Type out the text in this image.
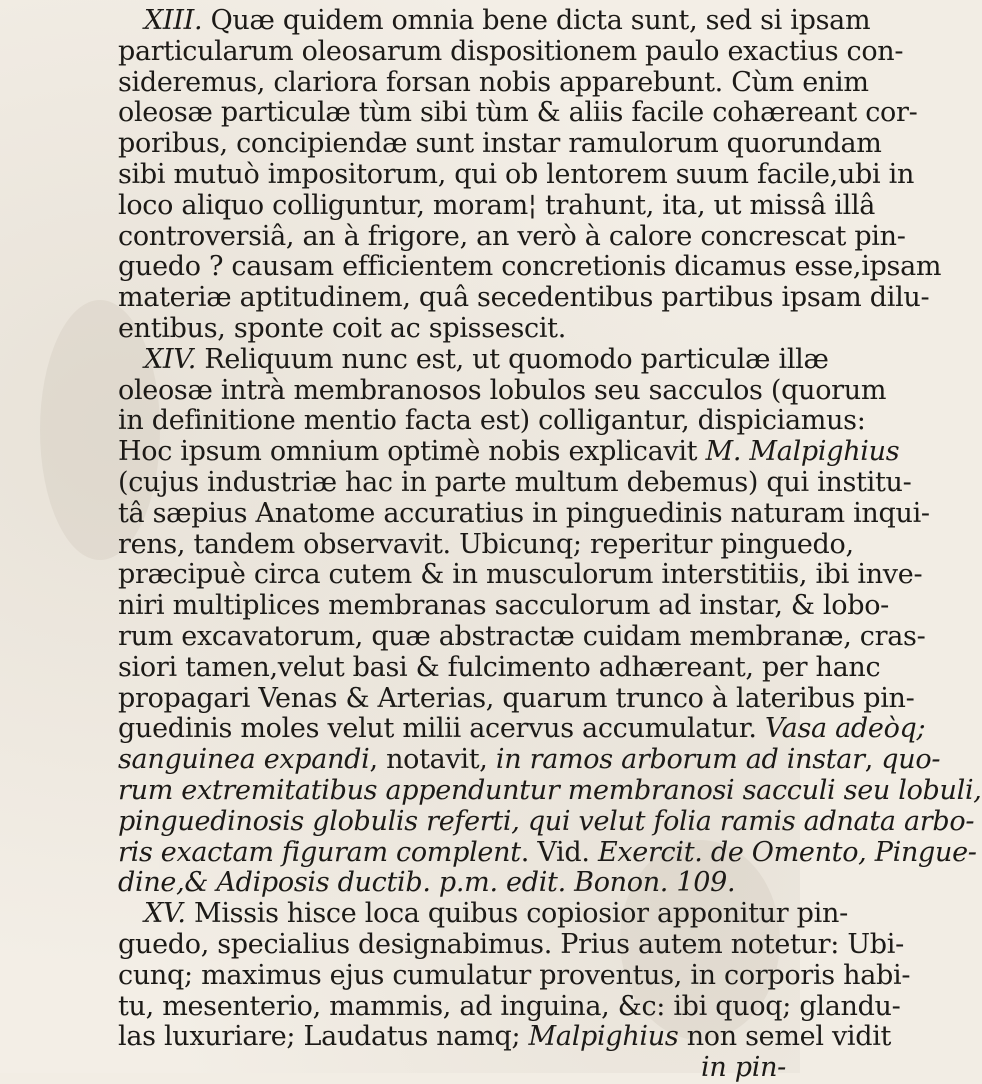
XIII. Quæ quidem omnia bene dicta sunt, sed si ipsam
particularum oleosarum dispositionem paulo exactius con-
sideremus, clariora forsan nobis apparebunt. Cùm enim
oleosæ particulæ tùm sibi tùm & aliis facile cohæreant cor-
poribus, concipiendæ sunt instar ramulorum quorundam
sibi mutuò impositorum, qui ob lentorem suum facile,ubi in
loco aliquo colliguntur, moram¦ trahunt, ita, ut missâ illâ
controversiâ, an à frigore, an verò à calore concrescat pin-
guedo ? causam efficientem concretionis dicamus esse,ipsam
materiæ aptitudinem, quâ secedentibus partibus ipsam dilu-
entibus, sponte coit ac spissescit.
XIV. Reliquum nunc est, ut quomodo particulæ illæ
oleosæ intrà membranosos lobulos seu sacculos (quorum
in definitione mentio facta est) colligantur, dispiciamus:
Hoc ipsum omnium optimè nobis explicavit M. Malpighius
(cujus industriæ hac in parte multum debemus) qui institu-
tâ sæpius Anatome accuratius in pinguedinis naturam inqui-
rens, tandem observavit. Ubicunq; reperitur pinguedo,
præcipuè circa cutem & in musculorum interstitiis, ibi inve-
niri multiplices membranas sacculorum ad instar, & lobo-
rum excavatorum, quæ abstractæ cuidam membranæ, cras-
siori tamen,velut basi & fulcimento adhæreant, per hanc
propagari Venas & Arterias, quarum trunco à lateribus pin-
guedinis moles velut milii acervus accumulatur. Vasa adeòq;
sanguinea expandi, notavit, in ramos arborum ad instar, quo-
rum extremitatibus appenduntur membranosi sacculi seu lobuli,
pinguedinosis globulis referti, qui velut folia ramis adnata arbo-
ris exactam figuram complent. Vid. Exercit. de Omento, Pingue-
dine,& Adiposis ductib. p.m. edit. Bonon. 109.
XV. Missis hisce loca quibus copiosior apponitur pin-
guedo, specialius designabimus. Prius autem notetur: Ubi-
cunq; maximus ejus cumulatur proventus, in corporis habi-
tu, mesenterio, mammis, ad inguina, &c: ibi quoq; glandu-
las luxuriare; Laudatus namq; Malpighius non semel vidit
in pin-
